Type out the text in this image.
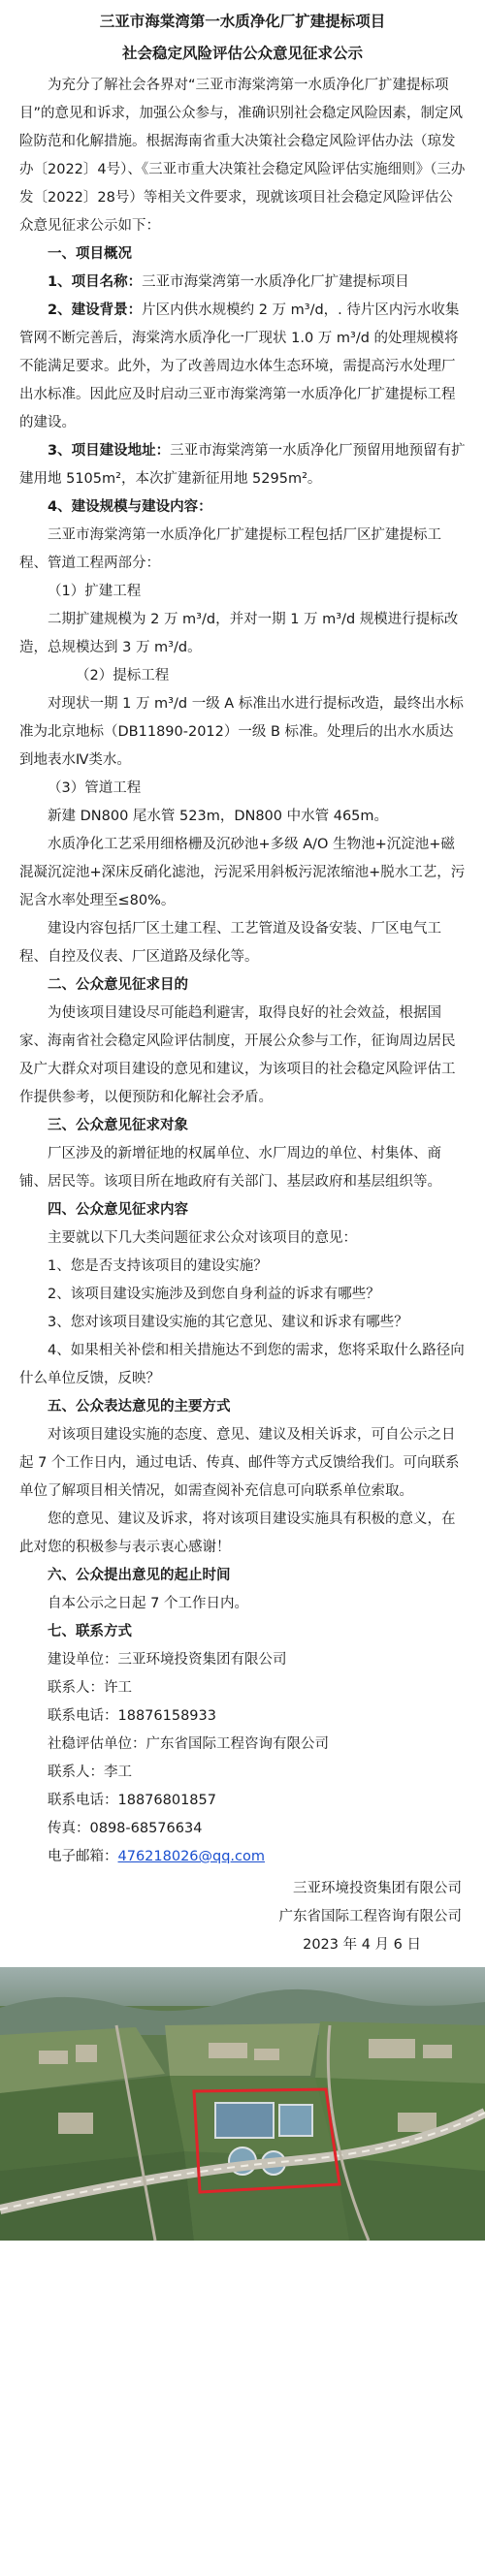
三亚市海棠湾第一水质净化厂扩建提标项目

社会稳定风险评估公众意见征求公示

为充分了解社会各界对“三亚市海棠湾第一水质净化厂扩建提标项目”的意见和诉求，加强公众参与，准确识别社会稳定风险因素，制定风险防范和化解措施。根据海南省重大决策社会稳定风险评估办法（琼发办〔2022〕4号）、《三亚市重大决策社会稳定风险评估实施细则》（三办发〔2022〕28号）等相关文件要求，现就该项目社会稳定风险评估公众意见征求公示如下：

一、项目概况

1、项目名称：三亚市海棠湾第一水质净化厂扩建提标项目

2、建设背景：片区内供水规模约 2 万 m³/d，. 待片区内污水收集管网不断完善后，海棠湾水质净化一厂现状 1.0 万 m³/d 的处理规模将不能满足要求。此外，为了改善周边水体生态环境，需提高污水处理厂出水标准。因此应及时启动三亚市海棠湾第一水质净化厂扩建提标工程的建设。

3、项目建设地址：三亚市海棠湾第一水质净化厂预留用地预留有扩建用地 5105m²，本次扩建新征用地 5295m²。

4、建设规模与建设内容：

三亚市海棠湾第一水质净化厂扩建提标工程包括厂区扩建提标工程、管道工程两部分：

（1）扩建工程

二期扩建规模为 2 万 m³/d，并对一期 1 万 m³/d 规模进行提标改造，总规模达到 3 万 m³/d。

（2）提标工程

对现状一期 1 万 m³/d 一级 A 标准出水进行提标改造，最终出水标准为北京地标（DB11890-2012）一级 B 标准。处理后的出水水质达到地表水Ⅳ类水。

（3）管道工程

新建 DN800 尾水管 523m，DN800 中水管 465m。

水质净化工艺采用细格栅及沉砂池+多级 A/O 生物池+沉淀池+磁混凝沉淀池+深床反硝化滤池，污泥采用斜板污泥浓缩池+脱水工艺，污泥含水率处理至≤80%。

建设内容包括厂区土建工程、工艺管道及设备安装、厂区电气工程、自控及仪表、厂区道路及绿化等。

二、公众意见征求目的

为使该项目建设尽可能趋利避害，取得良好的社会效益，根据国家、海南省社会稳定风险评估制度，开展公众参与工作，征询周边居民及广大群众对项目建设的意见和建议，为该项目的社会稳定风险评估工作提供参考，以便预防和化解社会矛盾。

三、公众意见征求对象

厂区涉及的新增征地的权属单位、水厂周边的单位、村集体、商铺、居民等。该项目所在地政府有关部门、基层政府和基层组织等。

四、公众意见征求内容

主要就以下几大类问题征求公众对该项目的意见：

1、您是否支持该项目的建设实施？

2、该项目建设实施涉及到您自身利益的诉求有哪些？

3、您对该项目建设实施的其它意见、建议和诉求有哪些？

4、如果相关补偿和相关措施达不到您的需求，您将采取什么路径向什么单位反馈，反映？

五、公众表达意见的主要方式

对该项目建设实施的态度、意见、建议及相关诉求，可自公示之日起 7 个工作日内，通过电话、传真、邮件等方式反馈给我们。可向联系单位了解项目相关情况，如需查阅补充信息可向联系单位索取。

您的意见、建议及诉求，将对该项目建设实施具有积极的意义，在此对您的积极参与表示衷心感谢！

六、公众提出意见的起止时间

自本公示之日起 7 个工作日内。

七、联系方式

建设单位：三亚环境投资集团有限公司

联系人：许工

联系电话：18876158933

社稳评估单位：广东省国际工程咨询有限公司

联系人：李工

联系电话：18876801857

传真：0898-68576634

电子邮箱：476218026@qq.com

三亚环境投资集团有限公司

广东省国际工程咨询有限公司

2023 年 4 月 6 日
